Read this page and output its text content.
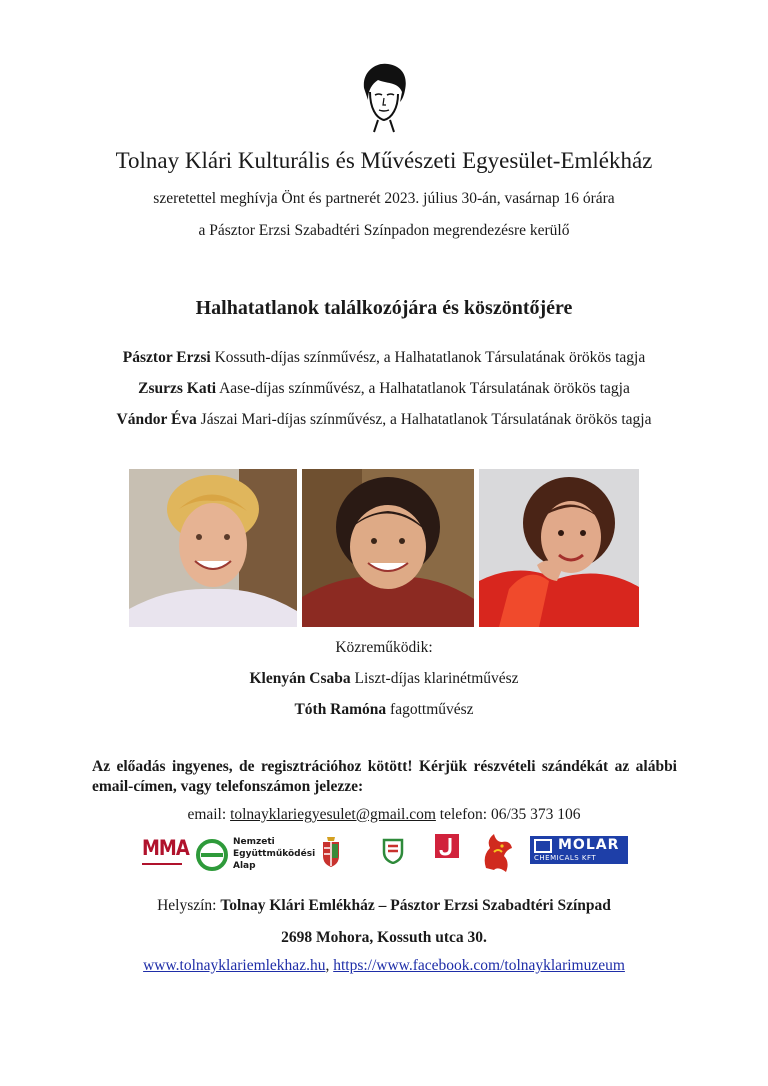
Tolnay Klári Kulturális és Művészeti Egyesület-Emlékház
szeretettel meghívja Önt és partnerét 2023. július 30-án, vasárnap 16 órára
a Pásztor Erzsi Szabadtéri Színpadon megrendezésre kerülő
Halhatatlanok találkozójára és köszöntőjére
Pásztor Erzsi Kossuth-díjas színművész, a Halhatatlanok Társulatának örökös tagja
Zsurzs Kati Aase-díjas színművész, a Halhatatlanok Társulatának örökös tagja
Vándor Éva Jászai Mari-díjas színművész, a Halhatatlanok Társulatának örökös tagja
Közreműködik:
Klenyán Csaba Liszt-díjas klarinétművész
Tóth Ramóna fagottművész
Az előadás ingyenes, de regisztrációhoz kötött! Kérjük részvételi szándékát az alábbi email-címen, vagy telefonszámon jelezze:
email: tolnayklariegyesulet@gmail.com telefon: 06/35 373 106
MMA	Nemzeti
Együttműködési
Alap
MOLAR
CHEMICALS KFT
Helyszín: Tolnay Klári Emlékház – Pásztor Erzsi Szabadtéri Színpad
2698 Mohora, Kossuth utca 30.
www.tolnayklariemlekhaz.hu, https://www.facebook.com/tolnayklarimuzeum
